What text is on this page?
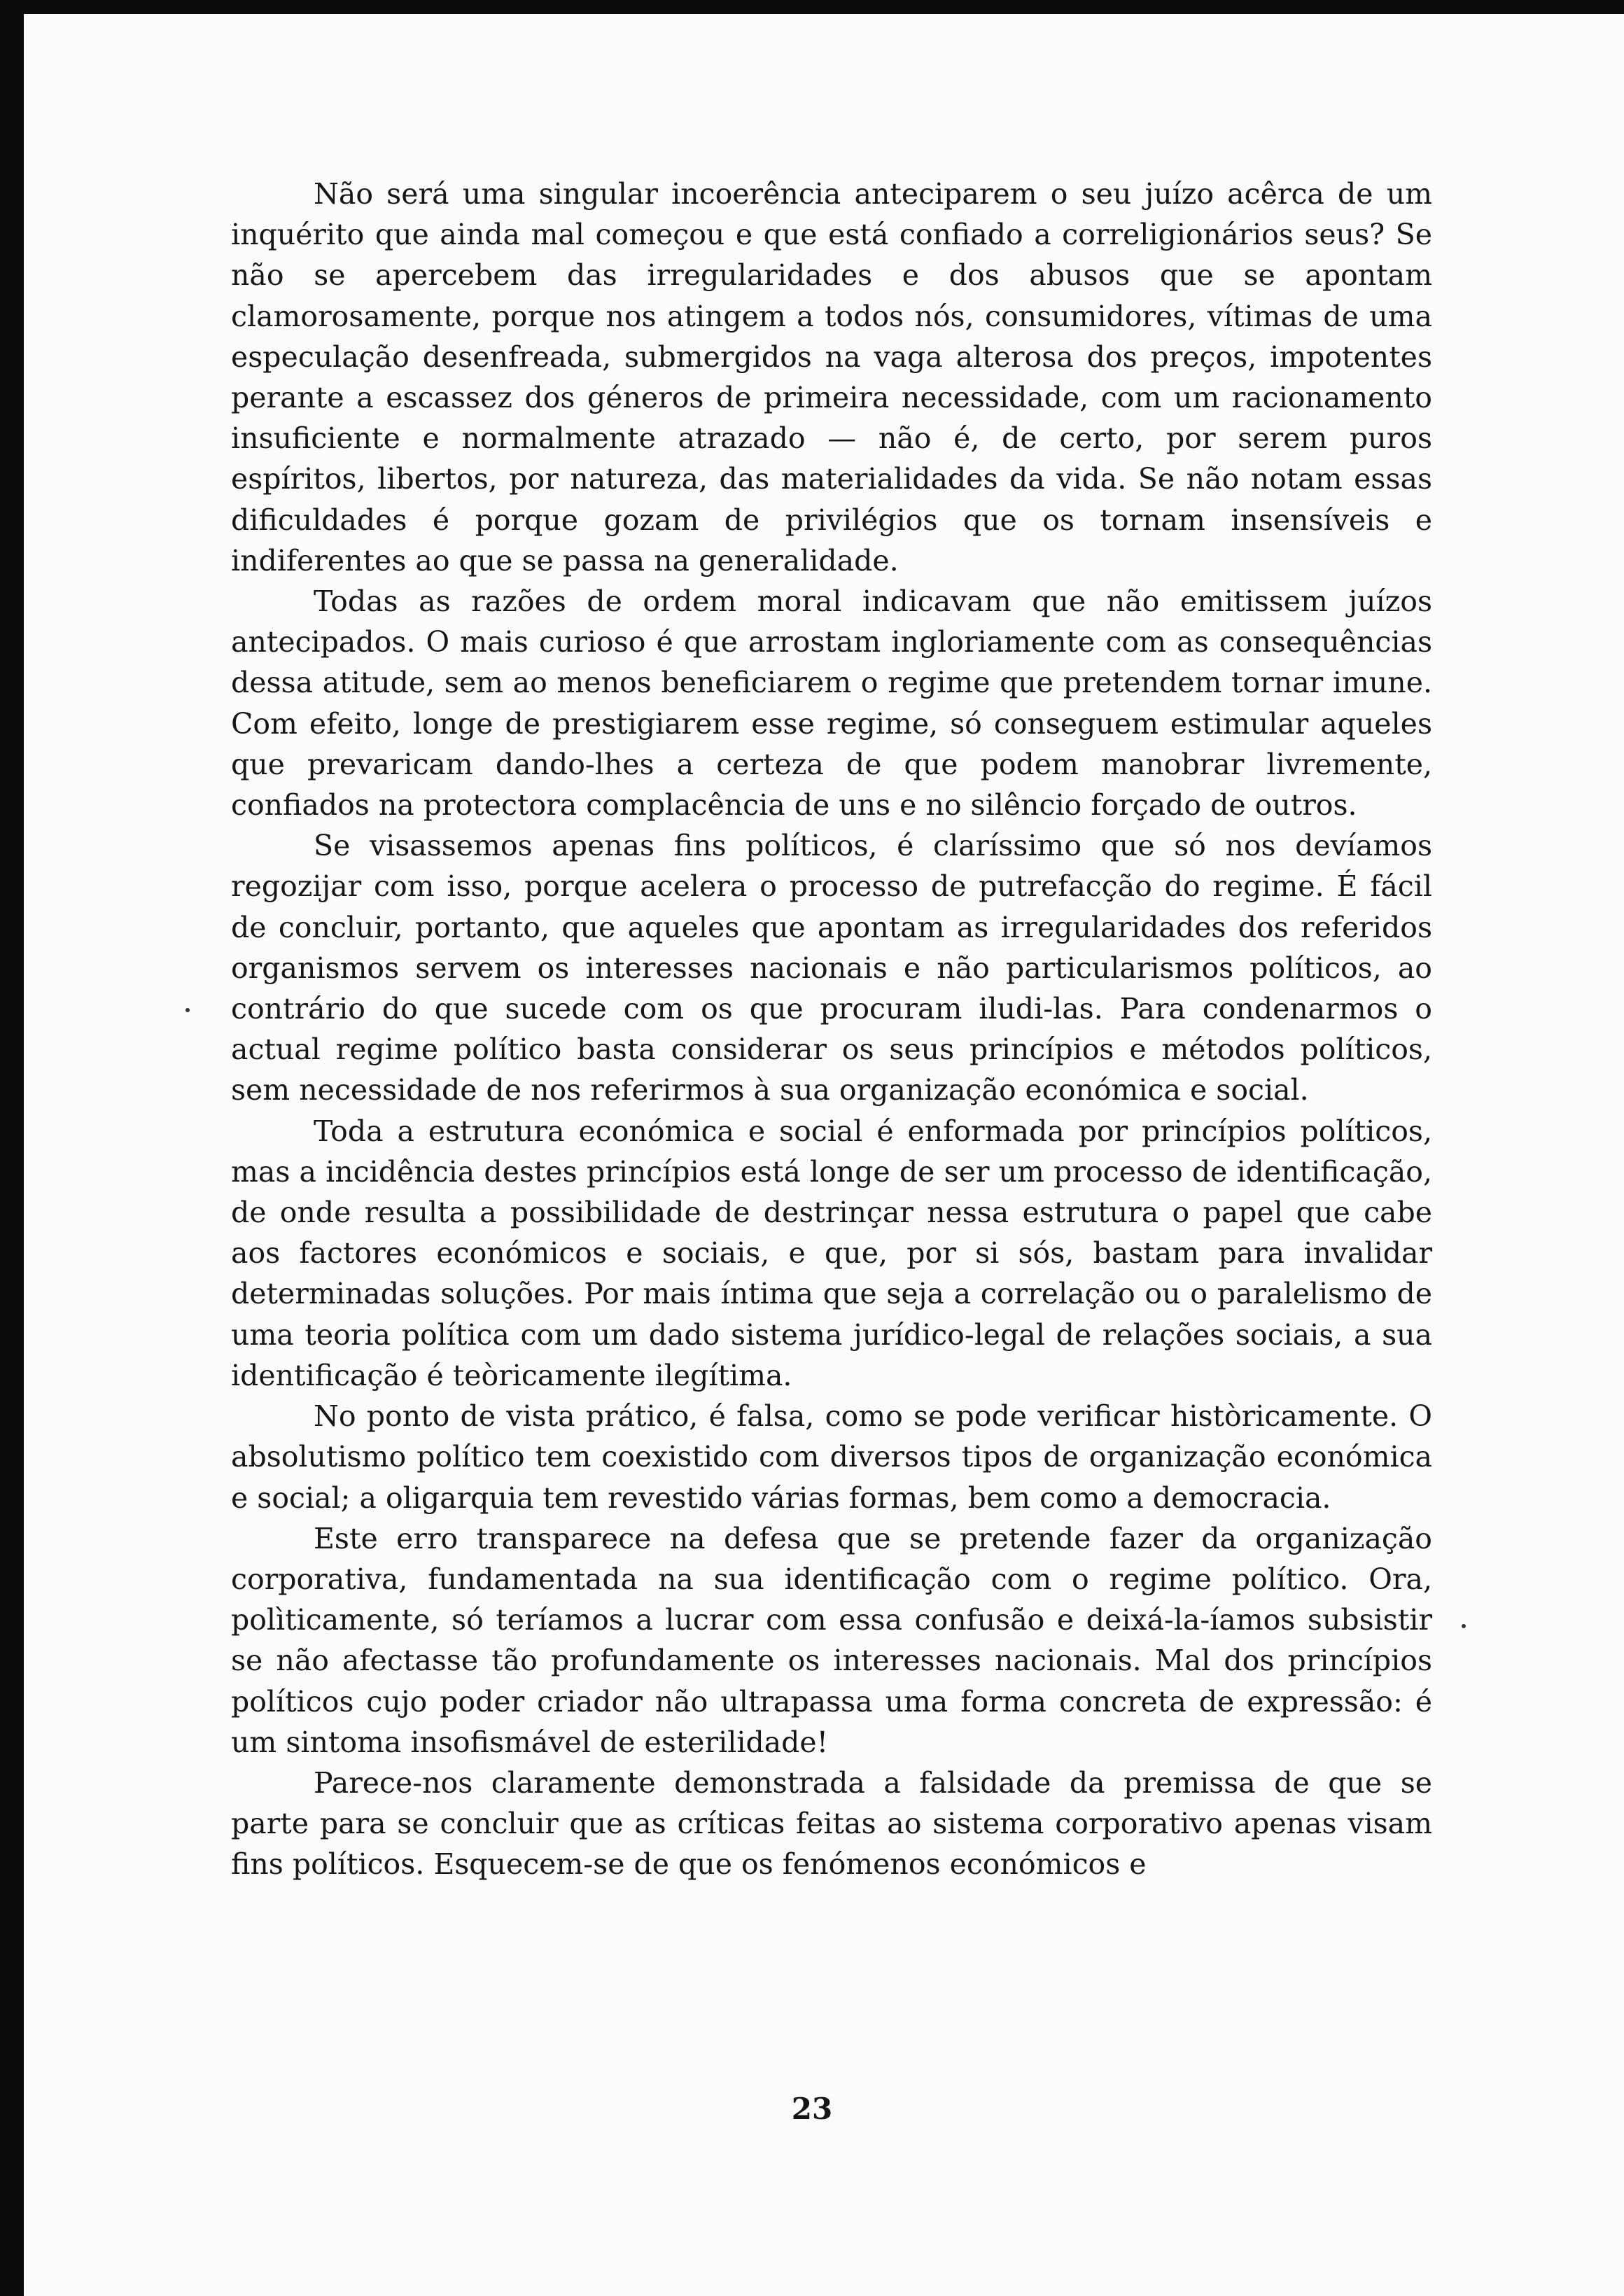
Não será uma singular incoerência anteciparem o seu juízo acêrca de um inquérito que ainda mal começou e que está confiado a correligionários seus? Se não se apercebem das irregularidades e dos abusos que se apontam clamorosamente, porque nos atingem a todos nós, consumidores, vítimas de uma especulação desenfreada, submergidos na vaga alterosa dos preços, impotentes perante a escassez dos géneros de primeira necessidade, com um racionamento insuficiente e normalmente atrazado — não é, de certo, por serem puros espíritos, libertos, por natureza, das materialidades da vida. Se não notam essas dificuldades é porque gozam de privilégios que os tornam insensíveis e indiferentes ao que se passa na generalidade.

Todas as razões de ordem moral indicavam que não emitissem juízos antecipados. O mais curioso é que arrostam ingloriamente com as consequências dessa atitude, sem ao menos beneficiarem o regime que pretendem tornar imune. Com efeito, longe de prestigiarem esse regime, só conseguem estimular aqueles que prevaricam dando-lhes a certeza de que podem manobrar livremente, confiados na protectora complacência de uns e no silêncio forçado de outros.

Se visassemos apenas fins políticos, é claríssimo que só nos devíamos regozijar com isso, porque acelera o processo de putrefacção do regime. É fácil de concluir, portanto, que aqueles que apontam as irregularidades dos referidos organismos servem os interesses nacionais e não particularismos políticos, ao contrário do que sucede com os que procuram iludi-las. Para condenarmos o actual regime político basta considerar os seus princípios e métodos políticos, sem necessidade de nos referirmos à sua organização económica e social.

Toda a estrutura económica e social é enformada por princípios políticos, mas a incidência destes princípios está longe de ser um processo de identificação, de onde resulta a possibilidade de destrinçar nessa estrutura o papel que cabe aos factores económicos e sociais, e que, por si sós, bastam para invalidar determinadas soluções. Por mais íntima que seja a correlação ou o paralelismo de uma teoria política com um dado sistema jurídico-legal de relações sociais, a sua identificação é teòricamente ilegítima.

No ponto de vista prático, é falsa, como se pode verificar històricamente. O absolutismo político tem coexistido com diversos tipos de organização económica e social; a oligarquia tem revestido várias formas, bem como a democracia.

Este erro transparece na defesa que se pretende fazer da organização corporativa, fundamentada na sua identificação com o regime político. Ora, polìticamente, só teríamos a lucrar com essa confusão e deixá-la-íamos subsistir se não afectasse tão profundamente os interesses nacionais. Mal dos princípios políticos cujo poder criador não ultrapassa uma forma concreta de expressão: é um sintoma insofismável de esterilidade!

Parece-nos claramente demonstrada a falsidade da premissa de que se parte para se concluir que as críticas feitas ao sistema corporativo apenas visam fins políticos. Esquecem-se de que os fenómenos económicos e

23
